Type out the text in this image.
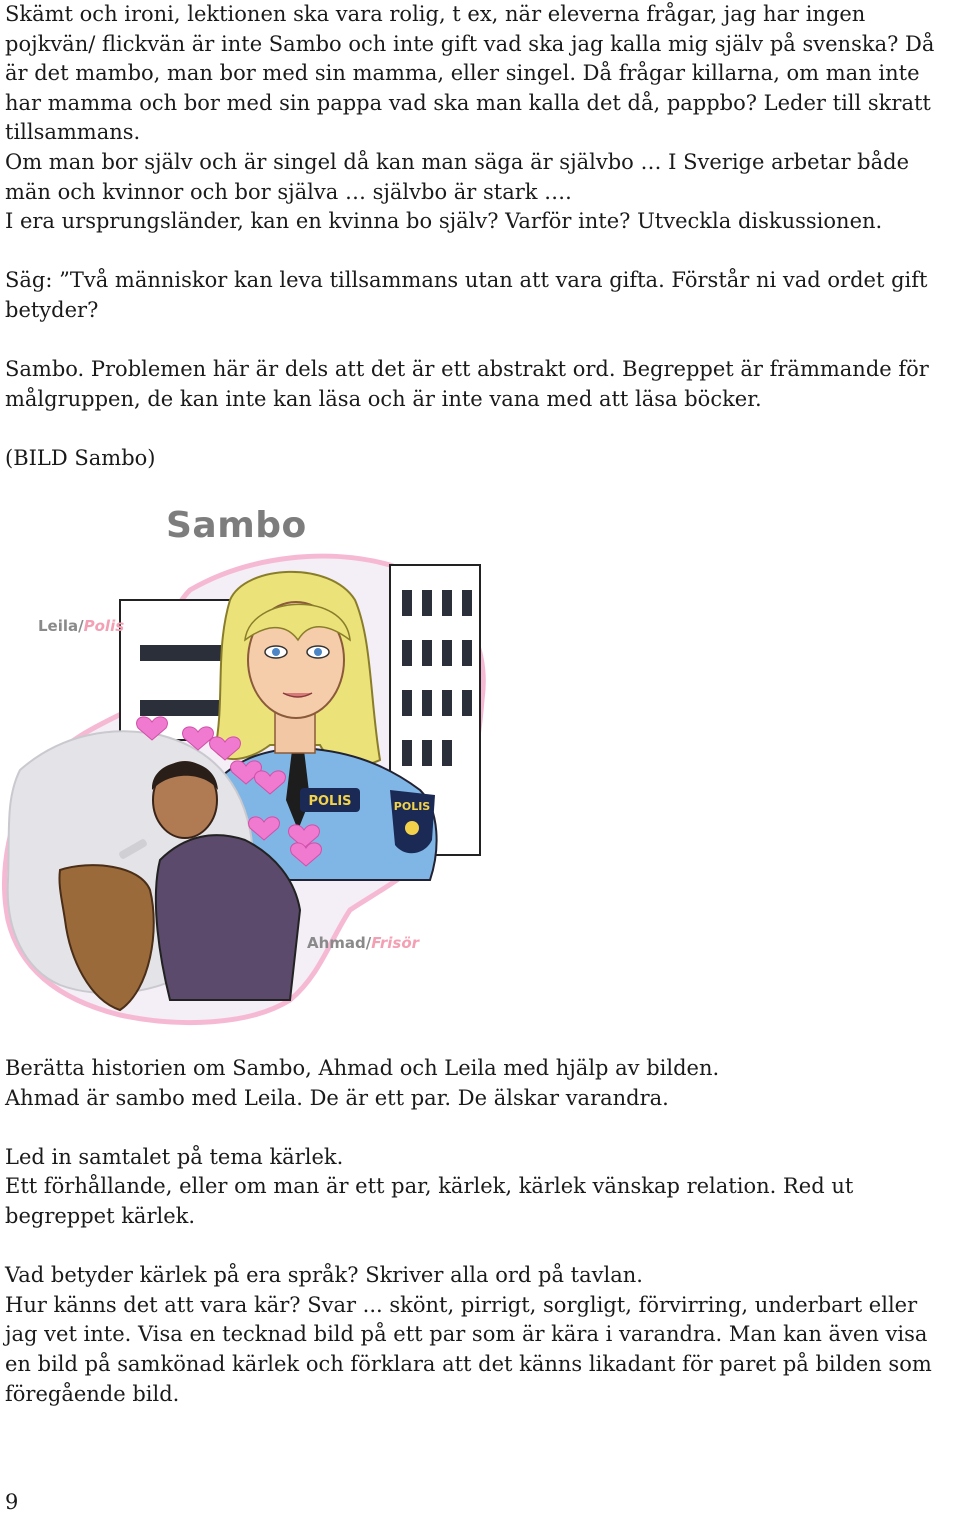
Skämt och ironi, lektionen ska vara rolig, t ex, när eleverna frågar, jag har ingen pojkvän/ flickvän är inte Sambo och inte gift vad ska jag kalla mig själv på svenska? Då är det mambo, man bor med sin mamma, eller singel. Då frågar killarna, om man inte har mamma och bor med sin pappa vad ska man kalla det då, pappbo? Leder till skratt tillsammans.

Om man bor själv och är singel då kan man säga är självbo … I Sverige arbetar både män och kvinnor och bor själva … självbo är stark ….

I era ursprungsländer, kan en kvinna bo själv? Varför inte? Utveckla diskussionen.

Säg: ”Två människor kan leva tillsammans utan att vara gifta. Förstår ni vad ordet gift betyder?

Sambo. Problemen här är dels att det är ett abstrakt ord. Begreppet är främmande för målgruppen, de kan inte kan läsa och är inte vana med att läsa böcker.

(BILD Sambo)

POLIS	POLIS
Sambo
Leila/Polis
Ahmad/Frisör

Berätta historien om Sambo, Ahmad och Leila med hjälp av bilden.

Ahmad är sambo med Leila. De är ett par. De älskar varandra.

Led in samtalet på tema kärlek.

Ett förhållande, eller om man är ett par, kärlek, kärlek vänskap relation. Red ut begreppet kärlek.

Vad betyder kärlek på era språk? Skriver alla ord på tavlan.

Hur känns det att vara kär? Svar ... skönt, pirrigt, sorgligt, förvirring, underbart eller jag vet inte. Visa en tecknad bild på ett par som är kära i varandra. Man kan även visa en bild på samkönad kärlek och förklara att det känns likadant för paret på bilden som föregående bild.

9
